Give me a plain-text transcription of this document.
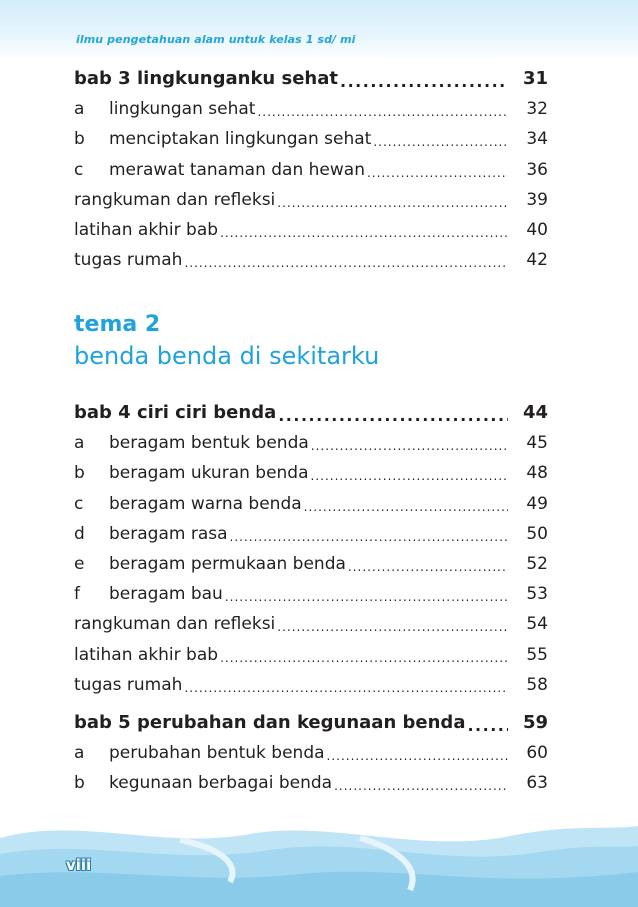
ilmu pengetahuan alam untuk kelas 1 sd/ mi
bab 3 lingkunganku sehat .....	31
a	lingkungan sehat .....	32
b	menciptakan lingkungan sehat .....	34
c	merawat tanaman dan hewan .....	36
rangkuman dan refleksi .....	39
latihan akhir bab .....	40
tugas rumah .....	42
tema 2
benda benda di sekitarku
bab 4 ciri ciri benda .....	44
a	beragam bentuk benda .....	45
b	beragam ukuran benda .....	48
c	beragam warna benda .....	49
d	beragam rasa .....	50
e	beragam permukaan benda .....	52
f	beragam bau .....	53
rangkuman dan refleksi .....	54
latihan akhir bab .....	55
tugas rumah .....	58
bab 5 perubahan dan kegunaan benda .....	59
a	perubahan bentuk benda .....	60
b	kegunaan berbagai benda .....	63
viii
